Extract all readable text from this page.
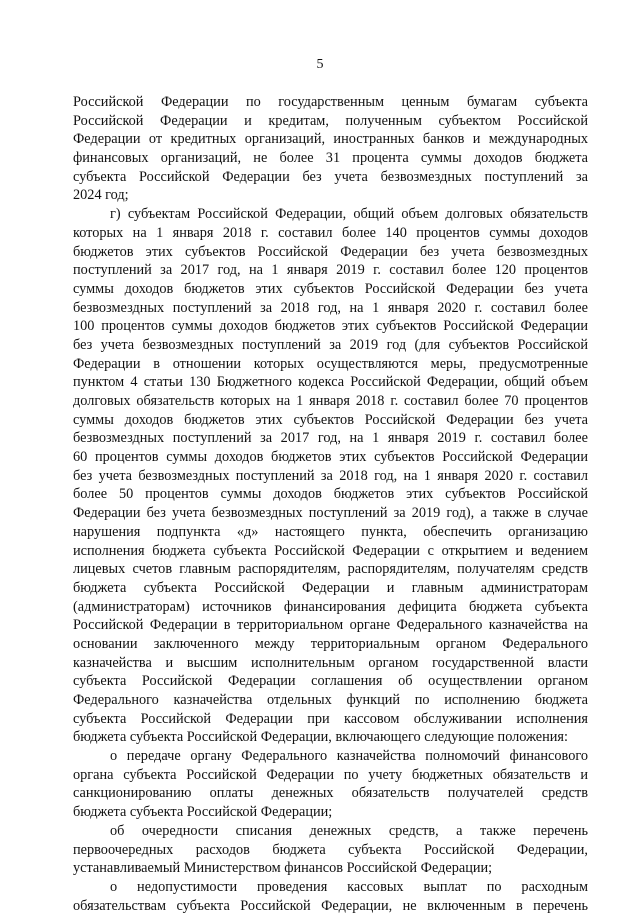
5
Российской Федерации по государственным ценным бумагам субъекта
Российской Федерации и кредитам, полученным субъектом Российской
Федерации от кредитных организаций, иностранных банков и международных
финансовых организаций, не более 31 процента суммы доходов бюджета
субъекта Российской Федерации без учета безвозмездных поступлений за
2024 год;
г) субъектам Российской Федерации, общий объем долговых обязательств
которых на 1 января 2018 г. составил более 140 процентов суммы доходов
бюджетов этих субъектов Российской Федерации без учета безвозмездных
поступлений за 2017 год, на 1 января 2019 г. составил более 120 процентов
суммы доходов бюджетов этих субъектов Российской Федерации без учета
безвозмездных поступлений за 2018 год, на 1 января 2020 г. составил более
100 процентов суммы доходов бюджетов этих субъектов Российской Федерации
без учета безвозмездных поступлений за 2019 год (для субъектов Российской
Федерации в отношении которых осуществляются меры, предусмотренные
пунктом 4 статьи 130 Бюджетного кодекса Российской Федерации, общий объем
долговых обязательств которых на 1 января 2018 г. составил более 70 процентов
суммы доходов бюджетов этих субъектов Российской Федерации без учета
безвозмездных поступлений за 2017 год, на 1 января 2019 г. составил более
60 процентов суммы доходов бюджетов этих субъектов Российской Федерации
без учета безвозмездных поступлений за 2018 год, на 1 января 2020 г. составил
более 50 процентов суммы доходов бюджетов этих субъектов Российской
Федерации без учета безвозмездных поступлений за 2019 год), а также в случае
нарушения подпункта «д» настоящего пункта, обеспечить организацию
исполнения бюджета субъекта Российской Федерации с открытием и ведением
лицевых счетов главным распорядителям, распорядителям, получателям средств
бюджета субъекта Российской Федерации и главным администраторам
(администраторам) источников финансирования дефицита бюджета субъекта
Российской Федерации в территориальном органе Федерального казначейства на
основании заключенного между территориальным органом Федерального
казначейства и высшим исполнительным органом государственной власти
субъекта Российской Федерации соглашения об осуществлении органом
Федерального казначейства отдельных функций по исполнению бюджета
субъекта Российской Федерации при кассовом обслуживании исполнения
бюджета субъекта Российской Федерации, включающего следующие положения:
о передаче органу Федерального казначейства полномочий финансового
органа субъекта Российской Федерации по учету бюджетных обязательств и
санкционированию оплаты денежных обязательств получателей средств
бюджета субъекта Российской Федерации;
об очередности списания денежных средств, а также перечень
первоочередных расходов бюджета субъекта Российской Федерации,
устанавливаемый Министерством финансов Российской Федерации;
о недопустимости проведения кассовых выплат по расходным
обязательствам субъекта Российской Федерации, не включенным в перечень
